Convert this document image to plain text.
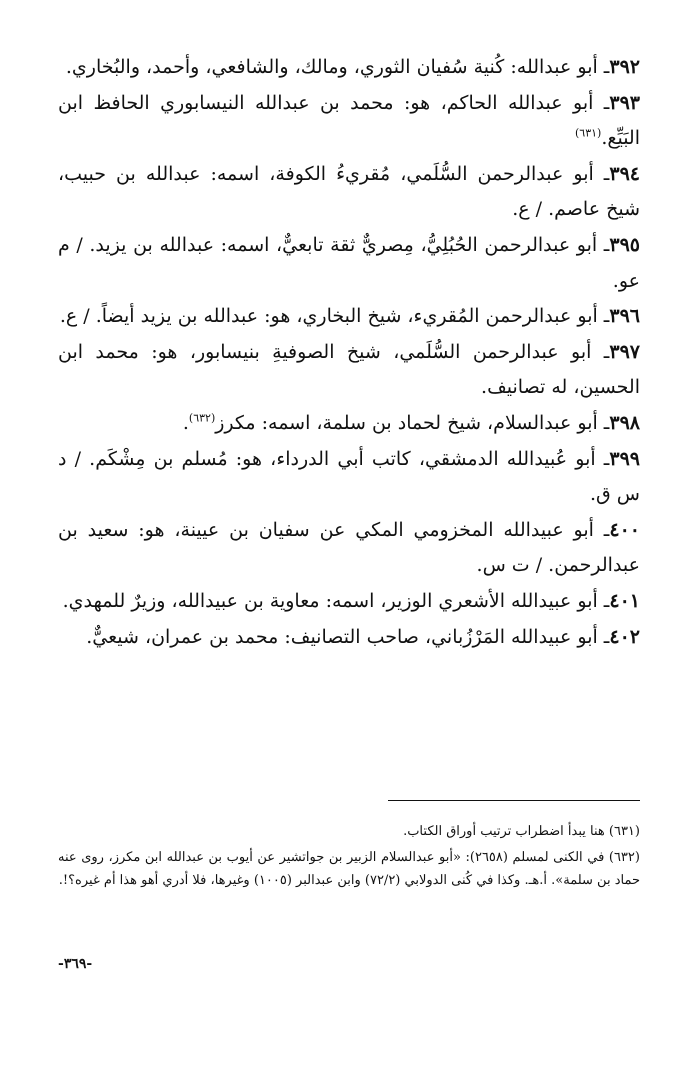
٣٩٢ـ أبو عبدالله: كُنية سُفيان الثوري، ومالك، والشافعي، وأحمد، والبُخاري.

٣٩٣ـ أبو عبدالله الحاكم، هو: محمد بن عبدالله النيسابوري الحافظ ابن البَيِّع.$^{(٦٣١)}$

٣٩٤ـ أبو عبدالرحمن السُّلَمي، مُقريءُ الكوفة، اسمه: عبدالله بن حبيب، شيخ عاصم. / ع.

٣٩٥ـ أبو عبدالرحمن الحُبُلِيُّ، مِصريٌّ ثقة تابعيٌّ، اسمه: عبدالله بن يزيد. / م عو.

٣٩٦ـ أبو عبدالرحمن المُقريء، شيخ البخاري، هو: عبدالله بن يزيد أيضاً. / ع.

٣٩٧ـ أبو عبدالرحمن السُّلَمي، شيخ الصوفيةِ بنيسابور، هو: محمد ابن الحسين، له تصانيف.

٣٩٨ـ أبو عبدالسلام، شيخ لحماد بن سلمة، اسمه: مكرز$^{(٦٣٢)}$.

٣٩٩ـ أبو عُبيدالله الدمشقي، كاتب أبي الدرداء، هو: مُسلم بن مِشْكَم. / د س ق.

٤٠٠ـ أبو عبيدالله المخزومي المكي عن سفيان بن عيينة، هو: سعيد بن عبدالرحمن. / ت س.

٤٠١ـ أبو عبيدالله الأشعري الوزير، اسمه: معاوية بن عبيدالله، وزيرٌ للمهدي.

٤٠٢ـ أبو عبيدالله المَرْزُباني، صاحب التصانيف: محمد بن عمران، شيعيٌّ.

(٦٣١) هنا يبدأ اضطراب ترتيب أوراق الكتاب.

(٦٣٢) في الكنى لمسلم (٢٦٥٨): «أبو عبدالسلام الزبير بن جواتشير عن أيوب بن عبدالله ابن مكرز، روى عنه حماد بن سلمة». أ.هـ. وكذا في كُنى الدولابي (٧٢/٢) وابن عبدالبر (١٠٠٥) وغيرها، فلا أدري أهو هذا أم غيره؟!.

-٣٦٩-
